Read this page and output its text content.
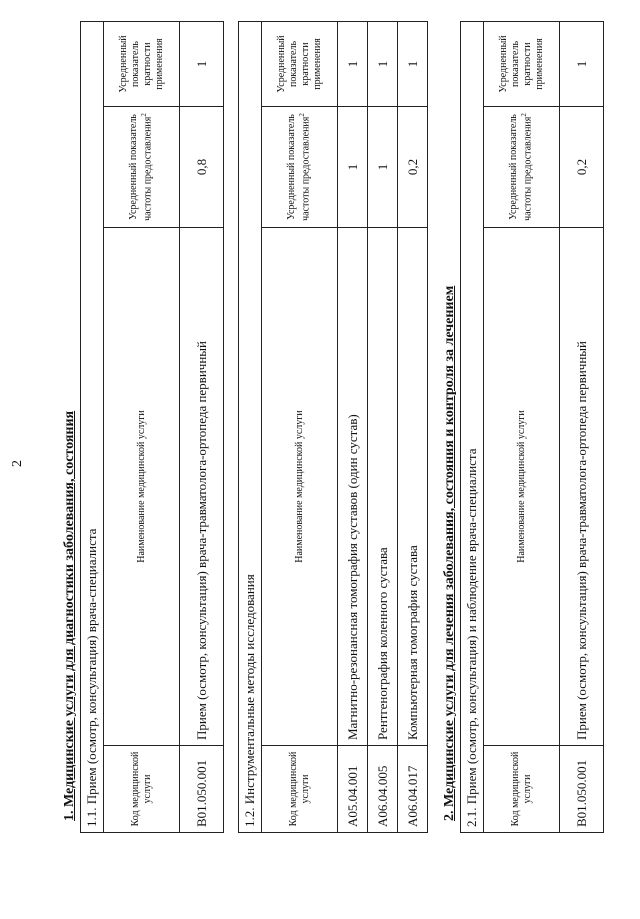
2	1. Медицинские услуги для диагностики заболевания, состояния 1.1. Прием (осмотр, консультация) врача-специалиста			
Код медицинской услуги	Наименование медицинской услуги	Усредненный показатель частоты предоставления$^2$	Усредненный показатель кратности применения
B01.050.001	Прием (осмотр, консультация) врача-травматолога-ортопеда первичный	0,8	1
1.2. Инструментальные методы исследования			
Код медицинской услуги	Наименование медицинской услуги	Усредненный показатель частоты предоставления$^2$	Усредненный показатель кратности применения
A05.04.001	Магнитно-резонансная томография суставов (один сустав)	1	1
A06.04.005	Рентгенография коленного сустава	1	1
A06.04.017	Компьютерная томография сустава	0,2	1
2. Медицинские услуги для лечения заболевания, состояния и контроля за лечением 2.1. Прием (осмотр, консультация) и наблюдение врача-специалиста			
Код медицинской услуги	Наименование медицинской услуги	Усредненный показатель частоты предоставления$^2$	Усредненный показатель кратности применения
B01.050.001	Прием (осмотр, консультация) врача-травматолога-ортопеда первичный	0,2	1
